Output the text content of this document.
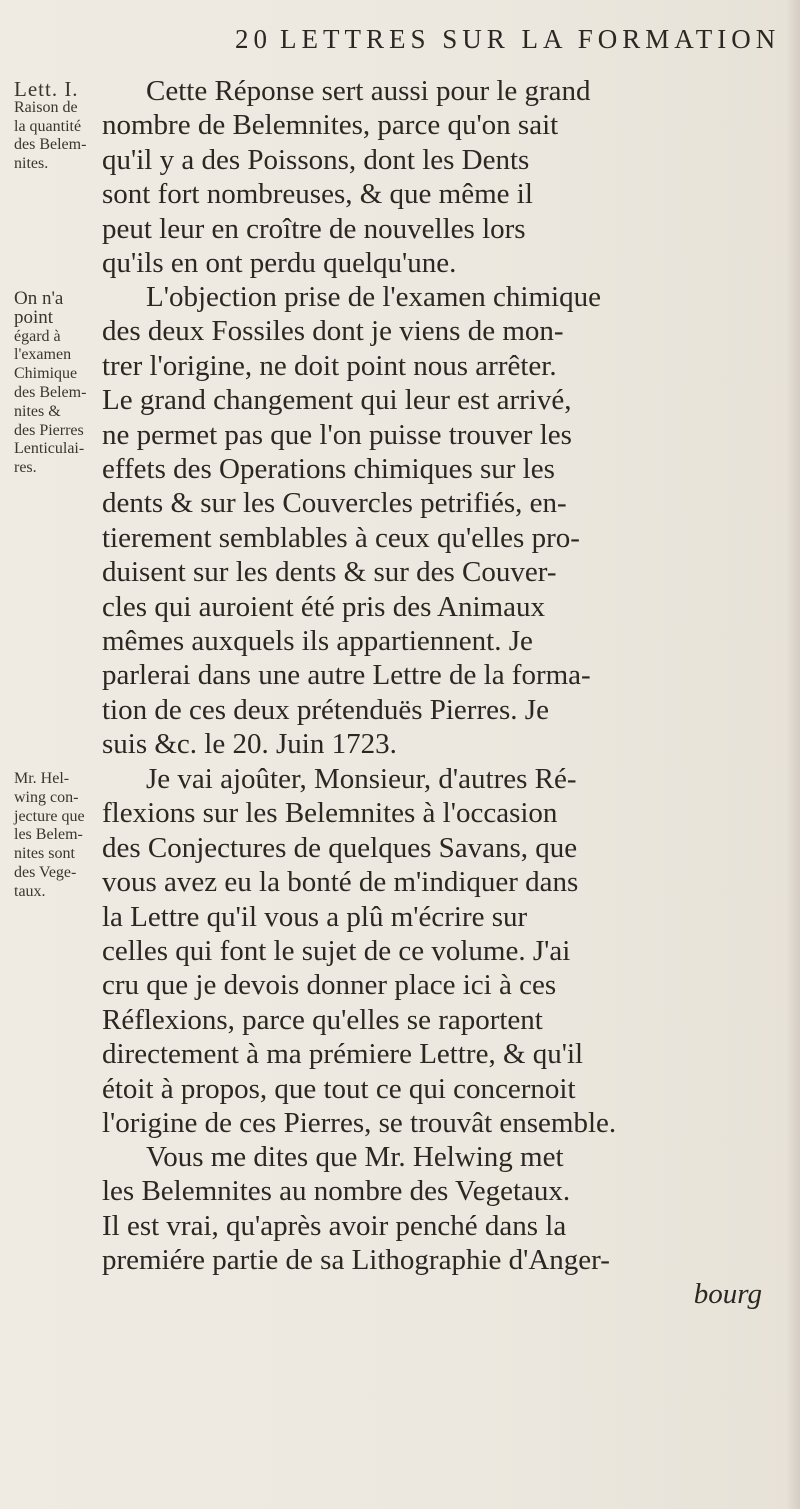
20 LETTRES SUR LA FORMATION
Lett. I.
Raison de
la quantité
des Belem-
nites.
On n'a
point
égard à
l'examen
Chimique
des Belem-
nites &
des Pierres
Lenticulai-
res.
Mr. Hel-
wing con-
jecture que
les Belem-
nites sont
des Vege-
taux.
Cette Réponse sert aussi pour le grand
nombre de Belemnites, parce qu'on sait
qu'il y a des Poissons, dont les Dents
sont fort nombreuses, & que même il
peut leur en croître de nouvelles lors
qu'ils en ont perdu quelqu'une.
L'objection prise de l'examen chimique
des deux Fossiles dont je viens de mon-
trer l'origine, ne doit point nous arrêter.
Le grand changement qui leur est arrivé,
ne permet pas que l'on puisse trouver les
effets des Operations chimiques sur les
dents & sur les Couvercles petrifiés, en-
tierement semblables à ceux qu'elles pro-
duisent sur les dents & sur des Couver-
cles qui auroient été pris des Animaux
mêmes auxquels ils appartiennent. Je
parlerai dans une autre Lettre de la forma-
tion de ces deux prétenduës Pierres. Je
suis &c. le 20. Juin 1723.
Je vai ajoûter, Monsieur, d'autres Ré-
flexions sur les Belemnites à l'occasion
des Conjectures de quelques Savans, que
vous avez eu la bonté de m'indiquer dans
la Lettre qu'il vous a plû m'écrire sur
celles qui font le sujet de ce volume. J'ai
cru que je devois donner place ici à ces
Réflexions, parce qu'elles se raportent
directement à ma prémiere Lettre, & qu'il
étoit à propos, que tout ce qui concernoit
l'origine de ces Pierres, se trouvât ensemble.
Vous me dites que Mr. Helwing met
les Belemnites au nombre des Vegetaux.
Il est vrai, qu'après avoir penché dans la
premiére partie de sa Lithographie d'Anger-
bourg
